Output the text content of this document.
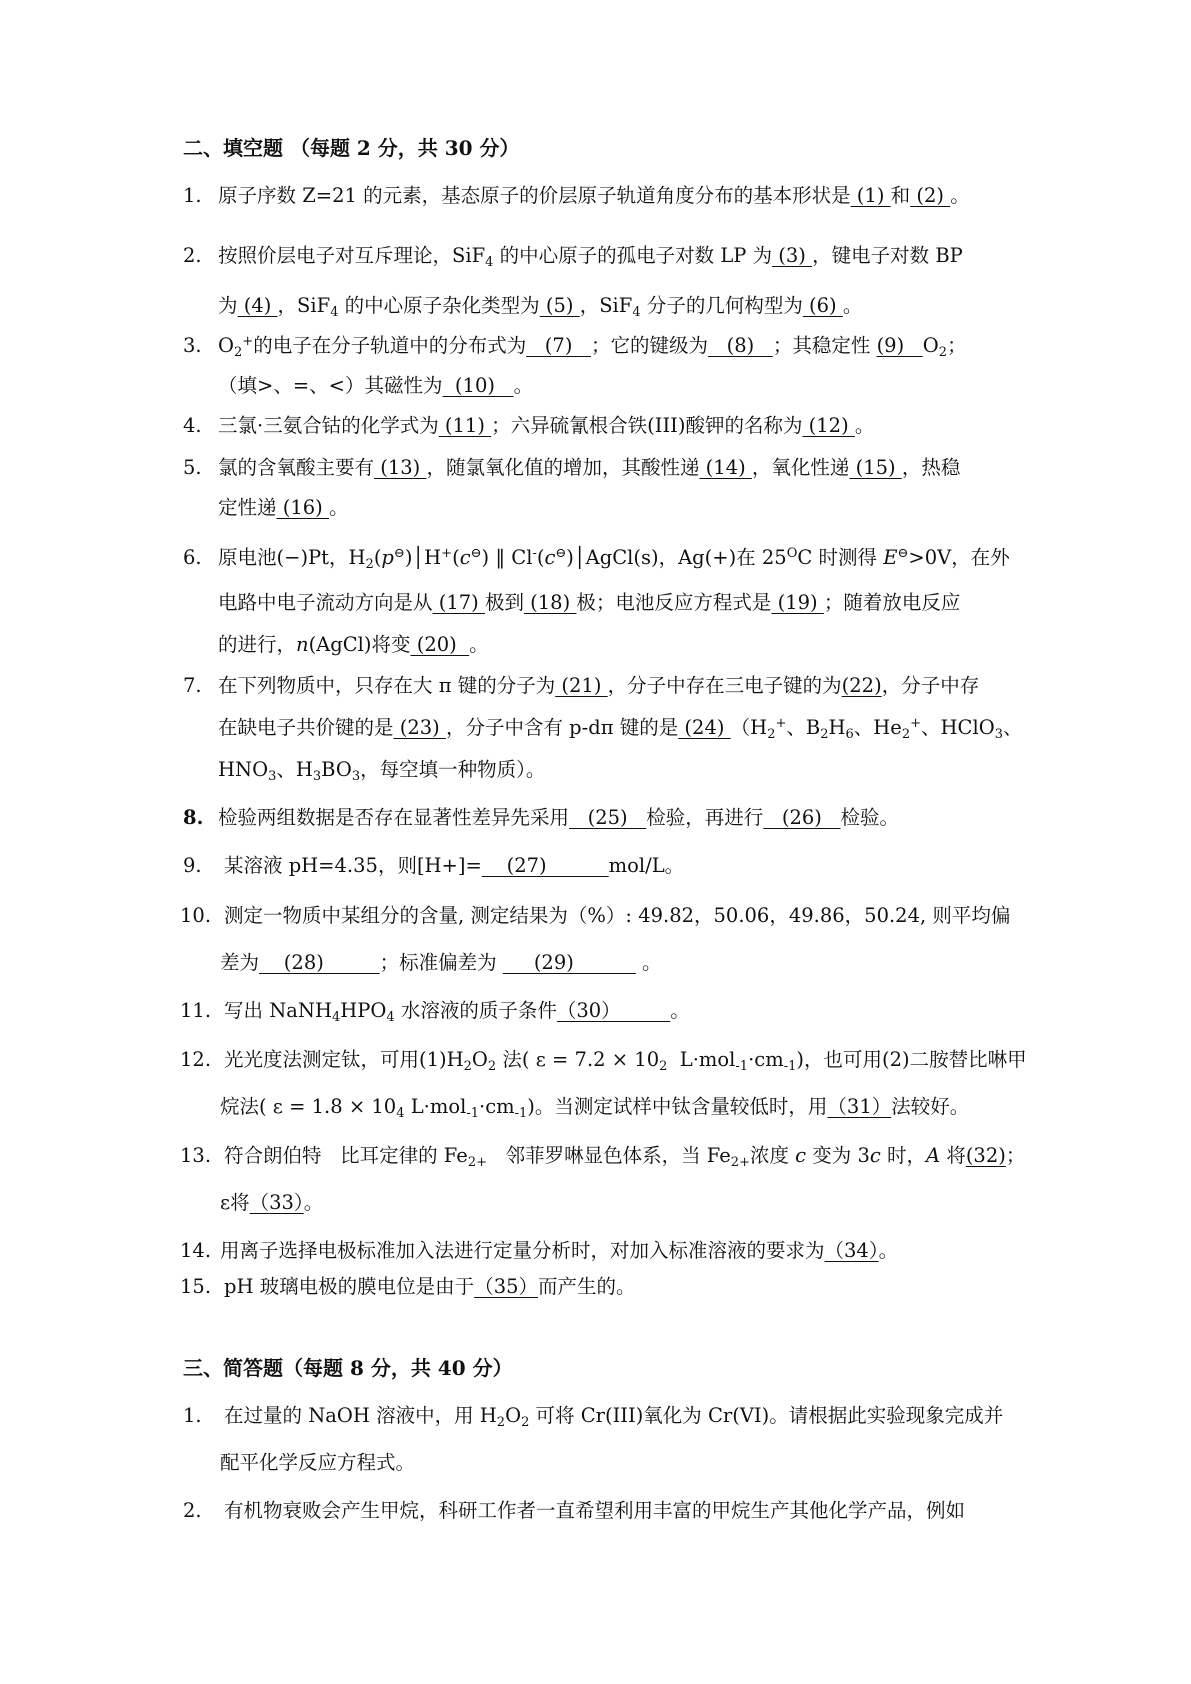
二、填空题 （每题 2 分，共 30 分）
1. 原子序数 Z=21 的元素，基态原子的价层原子轨道角度分布的基本形状是 (1) 和 (2) 。
2. 按照价层电子对互斥理论，SiF$_4$ 的中心原子的孤电子对数 LP 为 (3) ，键电子对数 BP
为 (4) ，SiF$_4$ 的中心原子杂化类型为 (5) ，SiF$_4$ 分子的几何构型为 (6) 。
3. $O_2^+$的电子在分子轨道中的分布式为   (7)   ；它的键级为   (8)   ；其稳定性 (9)   $O_2$；
（填>、=、<）其磁性为  (10)   。
4. 三氯·三氨合钴的化学式为 (11) ；六异硫氰根合铁(III)酸钾的名称为 (12) 。
5. 氯的含氧酸主要有 (13) ，随氯氧化值的增加，其酸性递 (14) ，氧化性递 (15) ，热稳
定性递 (16) 。
6. 原电池(−)Pt，$H_2(p^⊖)│H^+(c^⊖)$ ‖ Cl-(c⊖)│AgCl(s)，Ag(+)在 $25^OC$ 时测得 E⊖>0V，在外
电路中电子流动方向是从 (17) 极到 (18) 极；电池反应方程式是 (19) ；随着放电反应
的进行，n(AgCl)将变 (20)  。
7. 在下列物质中，只存在大 π 键的分子为 (21) ，分子中存在三电子键的为(22)，分子中存
在缺电子共价键的是 (23) ，分子中含有 p-dπ 键的是 (24) （$H_2^+$、$B_2H_6$、$He_2^+$、HClO$_3$、
$HNO_3$、$H_3BO_3$，每空填一种物质）。
8. 检验两组数据是否存在显著性差异先采用   (25)   检验，再进行   (26)   检验。
9. 某溶液 pH=4.35，则[H+]=    (27)          mol/L。
10. 测定一物质中某组分的含量, 测定结果为（%）: 49.82，50.06，49.86，50.24, 则平均偏
差为    (28)         ；标准偏差为      (29)           。
11. 写出 $NaNH_4HPO_4$ 水溶液的质子条件（30）        。
12. 光光度法测定钛，可用$(1)H_2O_2$ 法( $\varepsilon = 7.2 \times 10_2$  $L\cdot mol_{-1}\cdot cm_{-1}$)，也可用(2)二胺替比啉甲
烷法( $\varepsilon = 1.8 \times 10_4$ $L\cdot mol_{-1}\cdot cm_{-1}$)。当测定试样中钛含量较低时，用（31）法较好。
13. 符合朗伯特   比耳定律的 $Fe_{2+}$   邻菲罗啉显色体系，当 $Fe_{2+}$浓度 c 变为 3c 时，A 将(32)；
ε将（33）。
14. 用离子选择电极标准加入法进行定量分析时，对加入标准溶液的要求为（34）。
15. pH 玻璃电极的膜电位是由于（35）而产生的。
三、简答题（每题 8 分，共 40 分）
1. 在过量的 NaOH 溶液中，用 $H_2O_2$ 可将 Cr(III)氧化为 Cr(VI)。请根据此实验现象完成并
配平化学反应方程式。
2. 有机物衰败会产生甲烷，科研工作者一直希望利用丰富的甲烷生产其他化学产品，例如
